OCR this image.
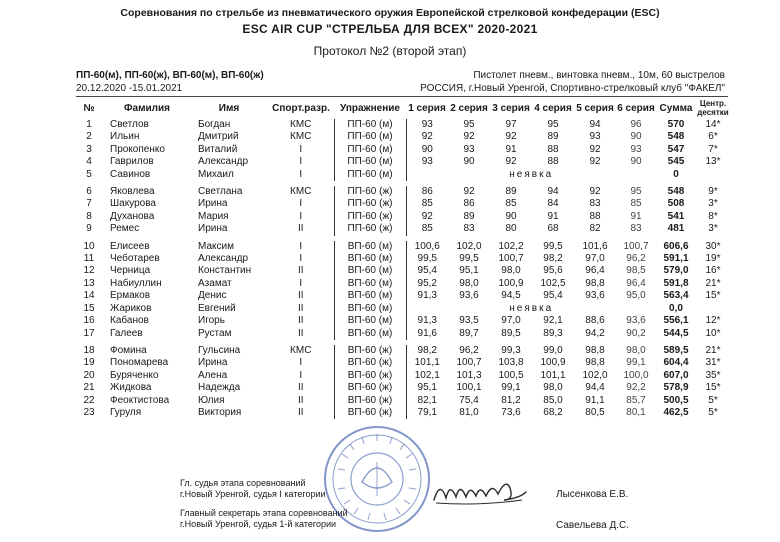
Соревнования по стрельбе из пневматического оружия Европейской стрелковой конфедерации (ESC)
ESC AIR CUP "СТРЕЛЬБА ДЛЯ ВСЕХ" 2020-2021
Протокол №2 (второй этап)
ПП-60(м), ПП-60(ж), ВП-60(м), ВП-60(ж)
20.12.2020 -15.01.2021
Пистолет пневм., винтовка пневм., 10м, 60 выстрелов
РОССИЯ, г.Новый Уренгой, Спортивно-стрелковый клуб "ФАКЕЛ"
№	Фамилия	Имя	Спорт.разр.	Упражнение	1 серия	2 серия	3 серия	4 серия	5 серия	6 серия	Сумма	Центр. десятки
1	Светлов	Богдан	КМС	ПП-60 (м)	93	95	97	95	94	96	570	14*
2	Ильин	Дмитрий	КМС	ПП-60 (м)	92	92	92	89	93	90	548	6*
3	Прокопенко	Виталий	I	ПП-60 (м)	90	93	91	88	92	93	547	7*
4	Гаврилов	Александр	I	ПП-60 (м)	93	90	92	88	92	90	545	13*
5	Савинов	Михаил	I	ПП-60 (м)	неявка						0	

6	Яковлева	Светлана	КМС	ПП-60 (ж)	86	92	89	94	92	95	548	9*
7	Шакурова	Ирина	I	ПП-60 (ж)	85	86	85	84	83	85	508	3*
8	Духанова	Мария	I	ПП-60 (ж)	92	89	90	91	88	91	541	8*
9	Ремес	Ирина	II	ПП-60 (ж)	85	83	80	68	82	83	481	3*

10	Елисеев	Максим	I	ВП-60 (м)	100,6	102,0	102,2	99,5	101,6	100,7	606,6	30*
11	Чеботарев	Александр	I	ВП-60 (м)	99,5	99,5	100,7	98,2	97,0	96,2	591,1	19*
12	Черница	Константин	II	ВП-60 (м)	95,4	95,1	98,0	95,6	96,4	98,5	579,0	16*
13	Набиуллин	Азамат	I	ВП-60 (м)	95,2	98,0	100,9	102,5	98,8	96,4	591,8	21*
14	Ермаков	Денис	II	ВП-60 (м)	91,3	93,6	94,5	95,4	93,6	95,0	563,4	15*
15	Жариков	Евгений	II	ВП-60 (м)	неявка						0,0	
16	Кабанов	Игорь	II	ВП-60 (м)	91,3	93,5	97,0	92,1	88,6	93,6	556,1	12*
17	Галеев	Рустам	II	ВП-60 (м)	91,6	89,7	89,5	89,3	94,2	90,2	544,5	10*

18	Фомина	Гульсина	КМС	ВП-60 (ж)	98,2	96,2	99,3	99,0	98,8	98,0	589,5	21*
19	Пономарева	Ирина	I	ВП-60 (ж)	101,1	100,7	103,8	100,9	98,8	99,1	604,4	31*
20	Буряченко	Алена	I	ВП-60 (ж)	102,1	101,3	100,5	101,1	102,0	100,0	607,0	35*
21	Жидкова	Надежда	II	ВП-60 (ж)	95,1	100,1	99,1	98,0	94,4	92,2	578,9	15*
22	Феоктистова	Юлия	II	ВП-60 (ж)	82,1	75,4	81,2	85,0	91,1	85,7	500,5	5*
23	Гуруля	Виктория	II	ВП-60 (ж)	79,1	81,0	73,6	68,2	80,5	80,1	462,5	5*
Гл. судья этапа соревнований
г.Новый Уренгой, судья I категории
Главный секретарь этапа соревнований
г.Новый Уренгой, судья 1-й категории
Лысенкова Е.В.
Савельева Д.С.
